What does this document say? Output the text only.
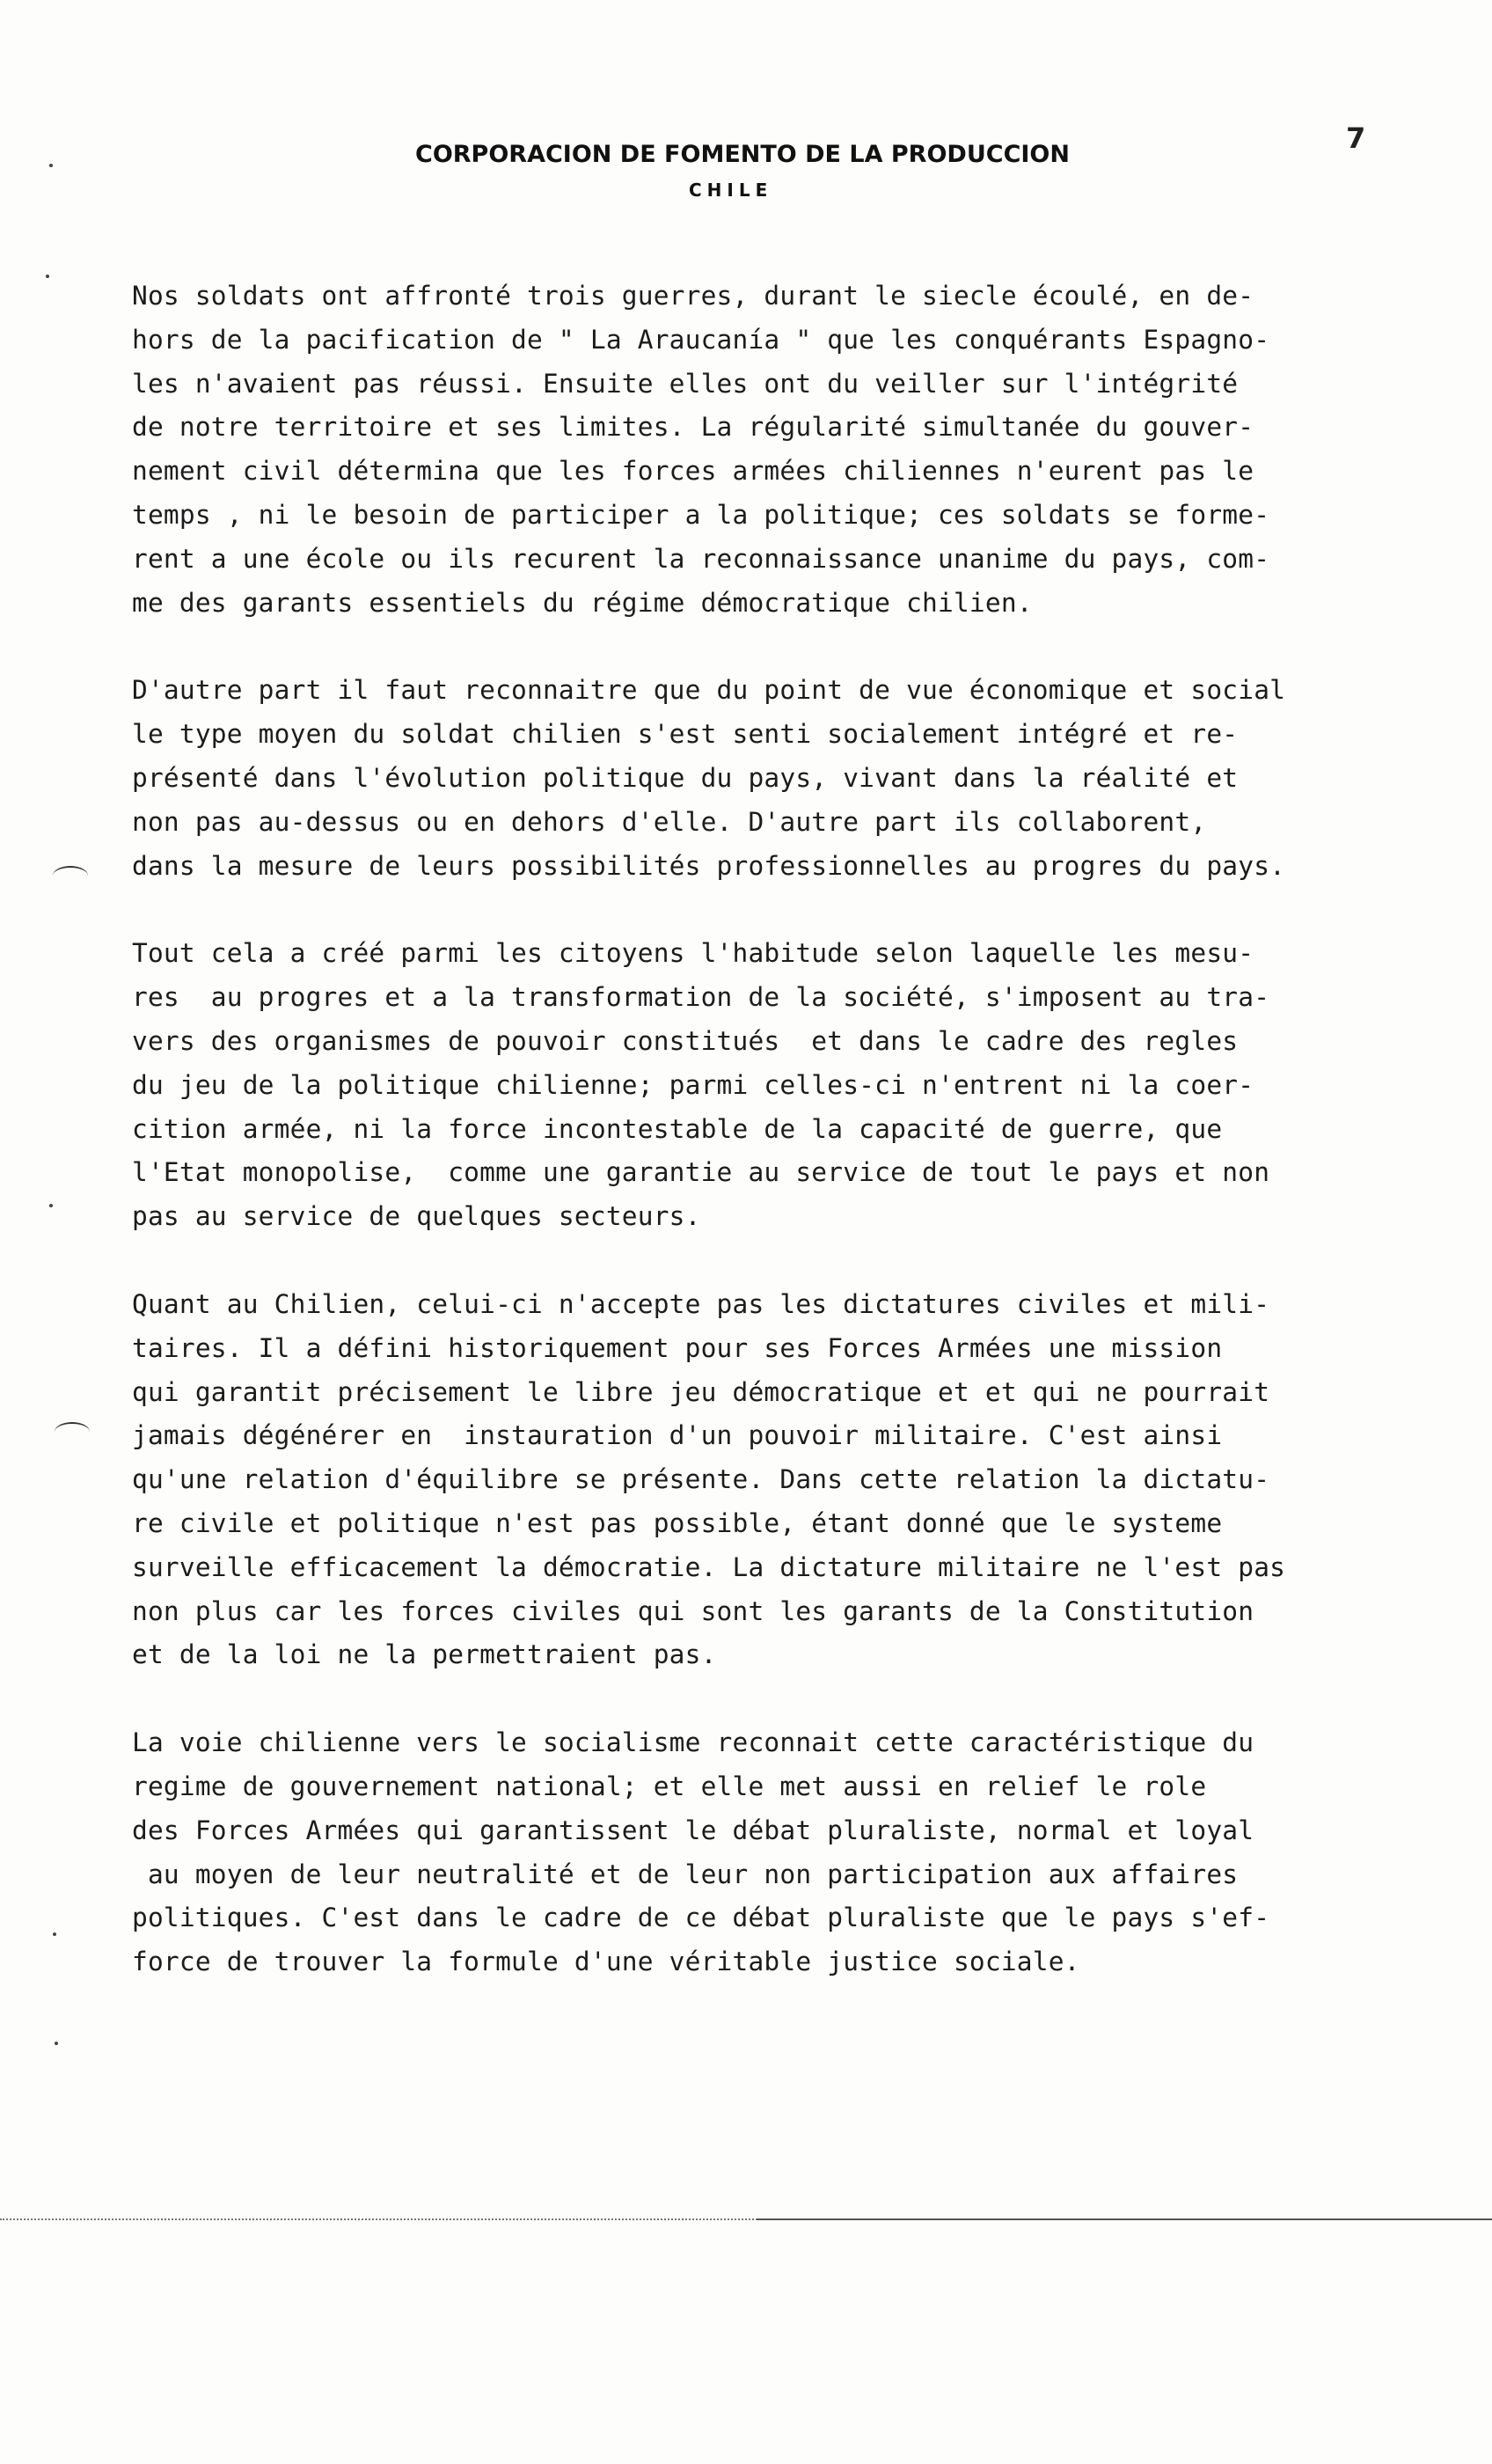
7
CORPORACION DE FOMENTO DE LA PRODUCCION
CHILE
Nos soldats ont affronté trois guerres, durant le siecle écoulé, en de-
hors de la pacification de " La Araucanía " que les conquérants Espagno-
les n'avaient pas réussi. Ensuite elles ont du veiller sur l'intégrité
de notre territoire et ses limites. La régularité simultanée du gouver-
nement civil détermina que les forces armées chiliennes n'eurent pas le
temps , ni le besoin de participer a la politique; ces soldats se forme-
rent a une école ou ils recurent la reconnaissance unanime du pays, com-
me des garants essentiels du régime démocratique chilien.
D'autre part il faut reconnaitre que du point de vue économique et social
le type moyen du soldat chilien s'est senti socialement intégré et re-
présenté dans l'évolution politique du pays, vivant dans la réalité et
non pas au-dessus ou en dehors d'elle. D'autre part ils collaborent,
dans la mesure de leurs possibilités professionnelles au progres du pays.
Tout cela a créé parmi les citoyens l'habitude selon laquelle les mesu-
res  au progres et a la transformation de la société, s'imposent au tra-
vers des organismes de pouvoir constitués  et dans le cadre des regles
du jeu de la politique chilienne; parmi celles-ci n'entrent ni la coer-
cition armée, ni la force incontestable de la capacité de guerre, que
l'Etat monopolise,  comme une garantie au service de tout le pays et non
pas au service de quelques secteurs.
Quant au Chilien, celui-ci n'accepte pas les dictatures civiles et mili-
taires. Il a défini historiquement pour ses Forces Armées une mission
qui garantit précisement le libre jeu démocratique et et qui ne pourrait
jamais dégénérer en  instauration d'un pouvoir militaire. C'est ainsi
qu'une relation d'équilibre se présente. Dans cette relation la dictatu-
re civile et politique n'est pas possible, étant donné que le systeme
surveille efficacement la démocratie. La dictature militaire ne l'est pas
non plus car les forces civiles qui sont les garants de la Constitution
et de la loi ne la permettraient pas.
La voie chilienne vers le socialisme reconnait cette caractéristique du
regime de gouvernement national; et elle met aussi en relief le role
des Forces Armées qui garantissent le débat pluraliste, normal et loyal
au moyen de leur neutralité et de leur non participation aux affaires
politiques. C'est dans le cadre de ce débat pluraliste que le pays s'ef-
force de trouver la formule d'une véritable justice sociale.
